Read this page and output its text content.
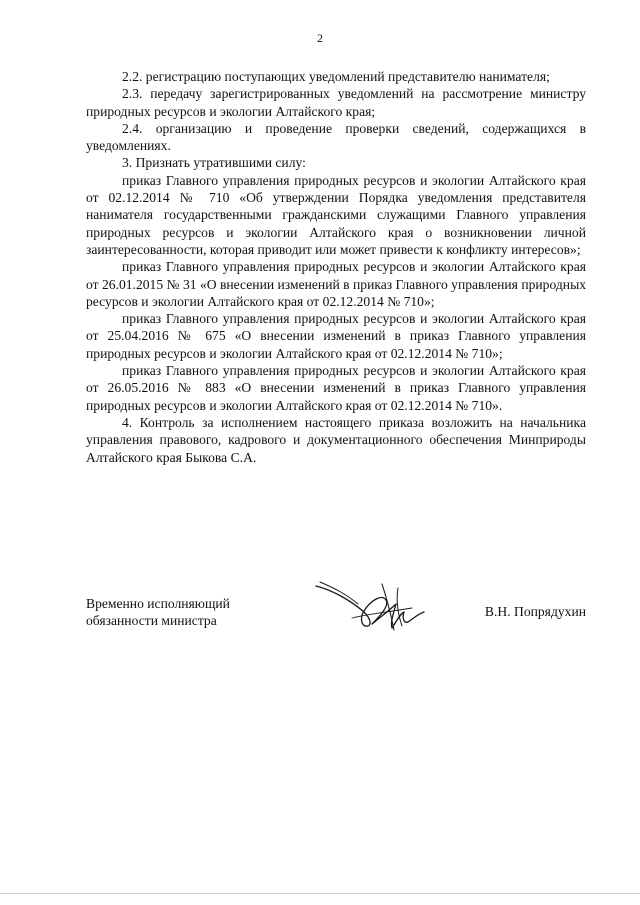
2

2.2. регистрацию поступающих уведомлений представителю нанимателя;

2.3. передачу зарегистрированных уведомлений на рассмотрение министру природных ресурсов и экологии Алтайского края;

2.4. организацию и проведение проверки сведений, содержащихся в уведомлениях.

3. Признать утратившими силу:

приказ Главного управления природных ресурсов и экологии Алтайского края от 02.12.2014 № 710 «Об утверждении Порядка уведомления представителя нанимателя государственными гражданскими служащими Главного управления природных ресурсов и экологии Алтайского края о возникновении личной заинтересованности, которая приводит или может привести к конфликту интересов»;

приказ Главного управления природных ресурсов и экологии Алтайского края от 26.01.2015 № 31 «О внесении изменений в приказ Главного управления природных ресурсов и экологии Алтайского края от 02.12.2014 № 710»;

приказ Главного управления природных ресурсов и экологии Алтайского края от 25.04.2016 № 675 «О внесении изменений в приказ Главного управления природных ресурсов и экологии Алтайского края от 02.12.2014 № 710»;

приказ Главного управления природных ресурсов и экологии Алтайского края от 26.05.2016 № 883 «О внесении изменений в приказ Главного управления природных ресурсов и экологии Алтайского края от 02.12.2014 № 710».

4. Контроль за исполнением настоящего приказа возложить на начальника управления правового, кадрового и документационного обеспечения Минприроды Алтайского края Быкова С.А.

Временно исполняющий
обязанности министра
В.Н. Попрядухин
